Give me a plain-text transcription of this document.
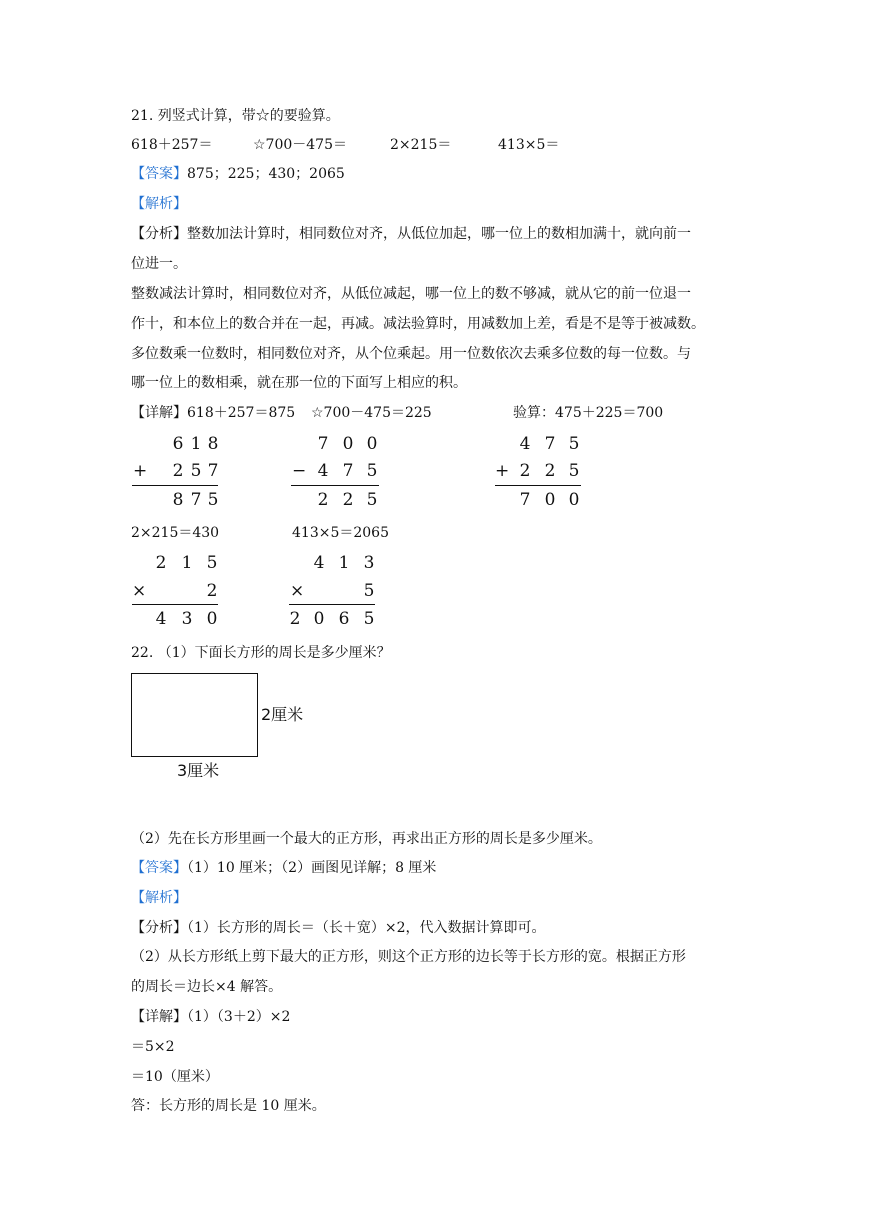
21. 列竖式计算，带☆的要验算。
618＋257＝	☆700－475＝	2×215＝	413×5＝
【答案】875；225；430；2065
【解析】
【分析】整数加法计算时，相同数位对齐，从低位加起，哪一位上的数相加满十，就向前一
位进一。
整数减法计算时，相同数位对齐，从低位减起，哪一位上的数不够减，就从它的前一位退一
作十，和本位上的数合并在一起，再减。减法验算时，用减数加上差，看是不是等于被减数。
多位数乘一位数时，相同数位对齐，从个位乘起。用一位数依次去乘多位数的每一位数。与
哪一位上的数相乘，就在那一位的下面写上相应的积。
【详解】618＋257＝875 ☆700－475＝225	验算：475＋225＝700
6 1 8
+ 2 5 7
8 7 5
7 0 0
− 4 7 5
2 2 5
4 7 5
+ 2 2 5
7 0 0
2×215＝430	413×5＝2065
2 1 5
×	2
4 3 0
4 1 3
×	5
2 0 6 5
22. （1）下面长方形的周长是多少厘米？
2厘米
3厘米
（2）先在长方形里画一个最大的正方形，再求出正方形的周长是多少厘米。
【答案】（1）10 厘米；（2）画图见详解；8 厘米
【解析】
【分析】（1）长方形的周长＝（长＋宽）×2，代入数据计算即可。
（2）从长方形纸上剪下最大的正方形，则这个正方形的边长等于长方形的宽。根据正方形
的周长＝边长×4 解答。
【详解】（1）（3＋2）×2
＝5×2
＝10（厘米）
答：长方形的周长是 10 厘米。
